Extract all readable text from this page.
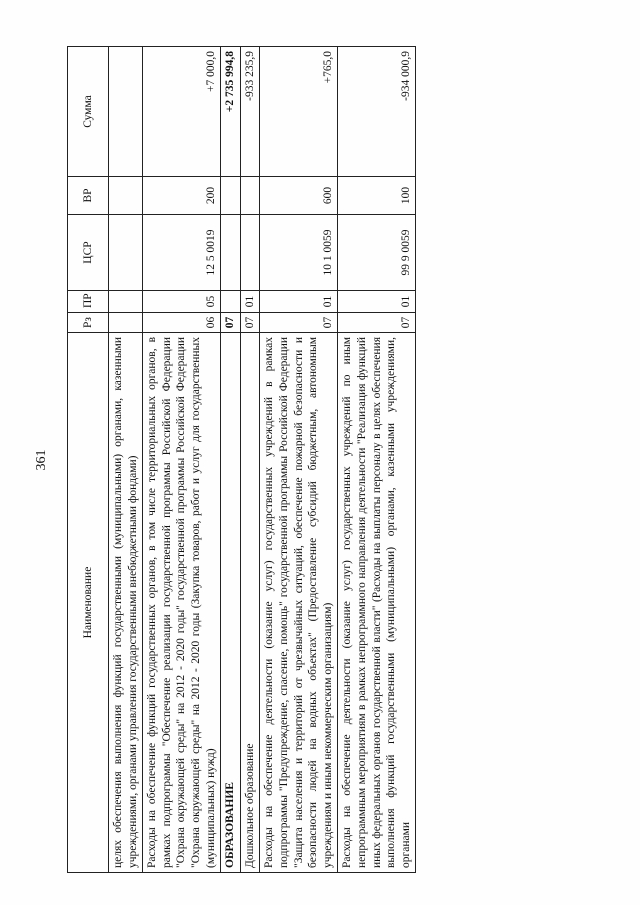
361
Наименование	Рз	ПР	ЦСР	ВР	Сумма
целях обеспечения выполнения функций государственными (муниципальными) органами, казенными учреждениями, органами управления государственными внебюджетными фондами)					
Расходы на обеспечение функций государственных органов, в том числе территориальных органов, в рамках подпрограммы "Обеспечение реализации государственной программы Российской Федерации "Охрана окружающей среды" на 2012 - 2020 годы" государственной программы Российской Федерации "Охрана окружающей среды" на 2012 - 2020 годы (Закупка товаров, работ и услуг для государственных (муниципальных) нужд)	06	05	12 5 0019	200	+7 000,0
ОБРАЗОВАНИЕ	07				+2 735 994,8
Дошкольное образование	07	01			-933 235,9
Расходы на обеспечение деятельности (оказание услуг) государственных учреждений в рамках подпрограммы "Предупреждение, спасение, помощь" государственной программы Российской Федерации "Защита населения и территорий от чрезвычайных ситуаций, обеспечение пожарной безопасности и безопасности людей на водных объектах" (Предоставление субсидий бюджетным, автономным учреждениям и иным некоммерческим организациям)	07	01	10 1 0059	600	+765,0
Расходы на обеспечение деятельности (оказание услуг) государственных учреждений по иным непрограммным мероприятиям в рамках непрограммного направления деятельности "Реализация функций иных федеральных органов государственной власти" (Расходы на выплаты персоналу в целях обеспечения выполнения функций государственными (муниципальными) органами, казенными учреждениями, органами	07	01	99 9 0059	100	-934 000,9
